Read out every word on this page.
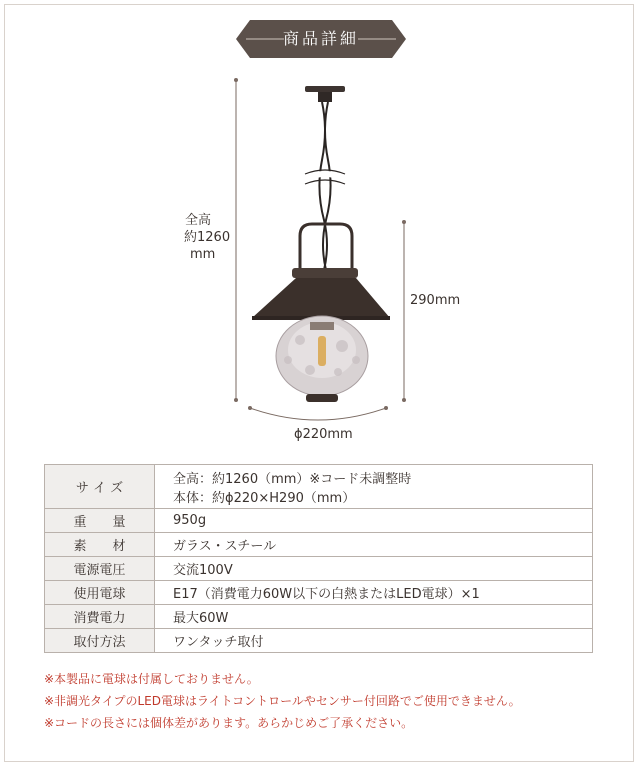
商品詳細
全高
約1260
mm
290mm
ϕ220mm
サ イ ズ	全高：約1260（mm）※コード未調整時
本体：約ϕ220×H290（mm）

重　　量	950g
素　　材	ガラス・スチール
電源電圧	交流100V
使用電球	E17（消費電力60W以下の白熱またはLED電球）×1
消費電力	最大60W
取付方法	ワンタッチ取付
※本製品に電球は付属しておりません。
※非調光タイプのLED電球はライトコントロールやセンサー付回路でご使用できません。
※コードの長さには個体差があります。あらかじめご了承ください。
